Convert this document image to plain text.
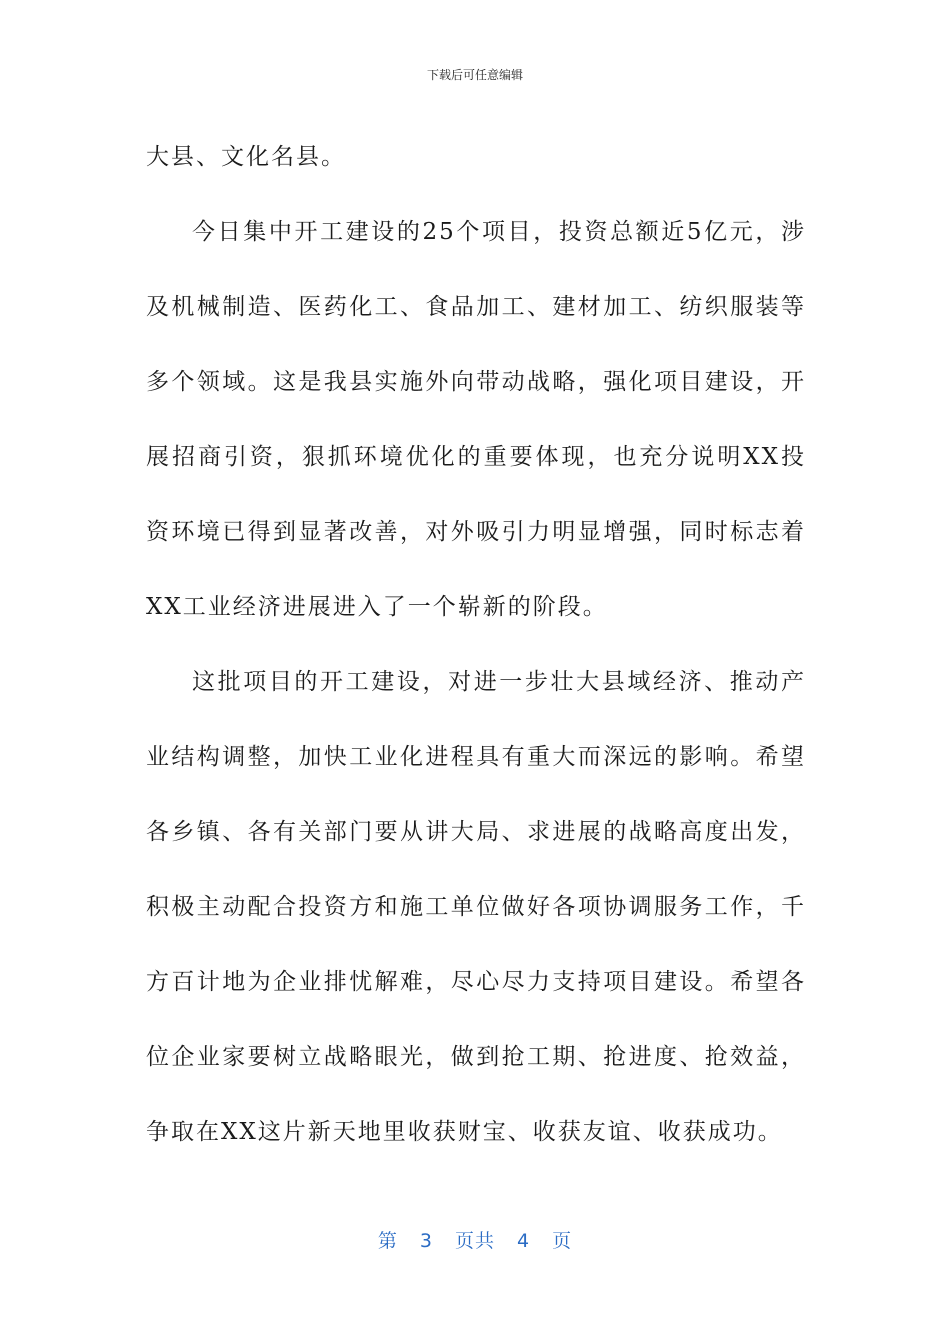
下载后可任意编辑

大县、文化名县。

今日集中开工建设的25个项目，投资总额近5亿元，涉及机械制造、医药化工、食品加工、建材加工、纺织服装等多个领域。这是我县实施外向带动战略，强化项目建设，开展招商引资，狠抓环境优化的重要体现，也充分说明XX投资环境已得到显著改善，对外吸引力明显增强，同时标志着XX工业经济进展进入了一个崭新的阶段。

这批项目的开工建设，对进一步壮大县域经济、推动产业结构调整，加快工业化进程具有重大而深远的影响。希望各乡镇、各有关部门要从讲大局、求进展的战略高度出发，积极主动配合投资方和施工单位做好各项协调服务工作，千方百计地为企业排忧解难，尽心尽力支持项目建设。希望各位企业家要树立战略眼光，做到抢工期、抢进度、抢效益，争取在XX这片新天地里收获财宝、收获友谊、收获成功。

第 3 页共 4 页
